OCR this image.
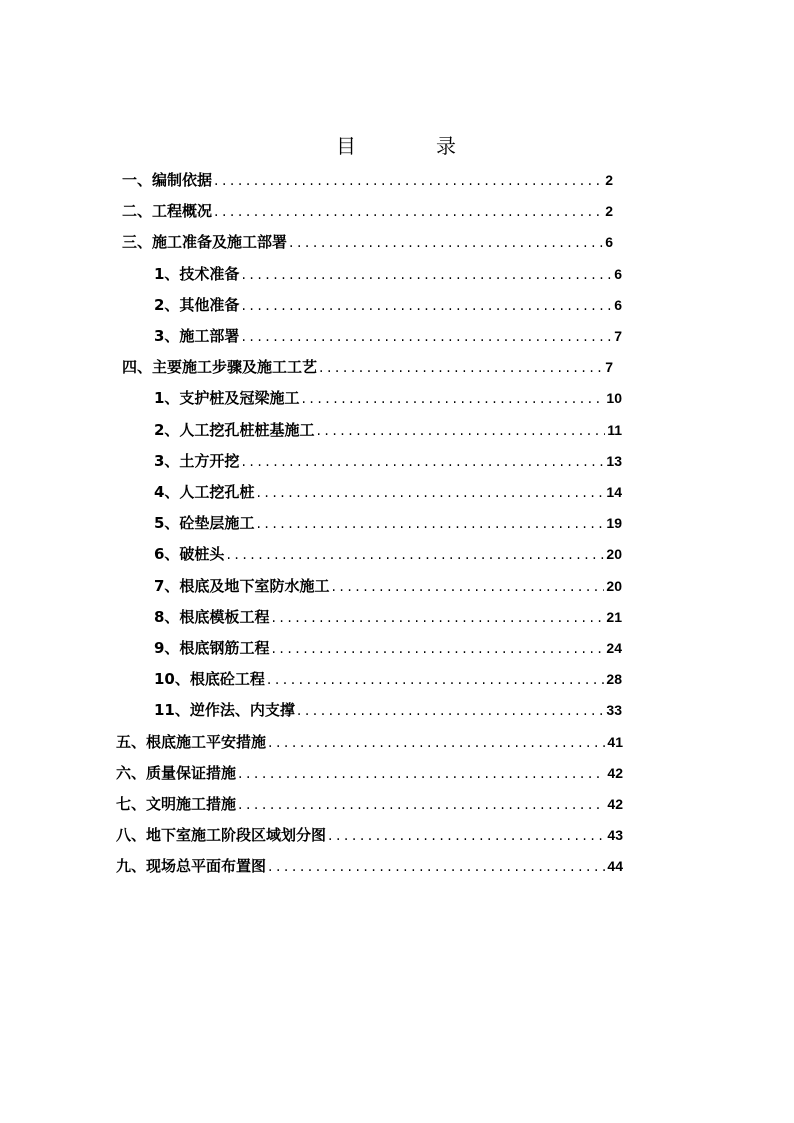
目　录
一、编制依据 .....	2
二、工程概况 .....	2
三、施工准备及施工部署 .....	6
1、技术准备 .....	6
2、其他准备 .....	6
3、施工部署 .....	7
四、主要施工步骤及施工工艺 .....	7
1、支护桩及冠梁施工 .....	10
2、人工挖孔桩桩基施工 .....	11
3、土方开挖 .....	13
4、人工挖孔桩 .....	14
5、砼垫层施工 .....	19
6、破桩头 .....	20
7、根底及地下室防水施工 .....	20
8、根底模板工程 .....	21
9、根底钢筋工程 .....	24
10、根底砼工程 .....	28
11、逆作法、内支撑 .....	33
五、根底施工平安措施 .....	41
六、质量保证措施 .....	42
七、文明施工措施 .....	42
八、地下室施工阶段区域划分图 .....	43
九、现场总平面布置图 .....	44
